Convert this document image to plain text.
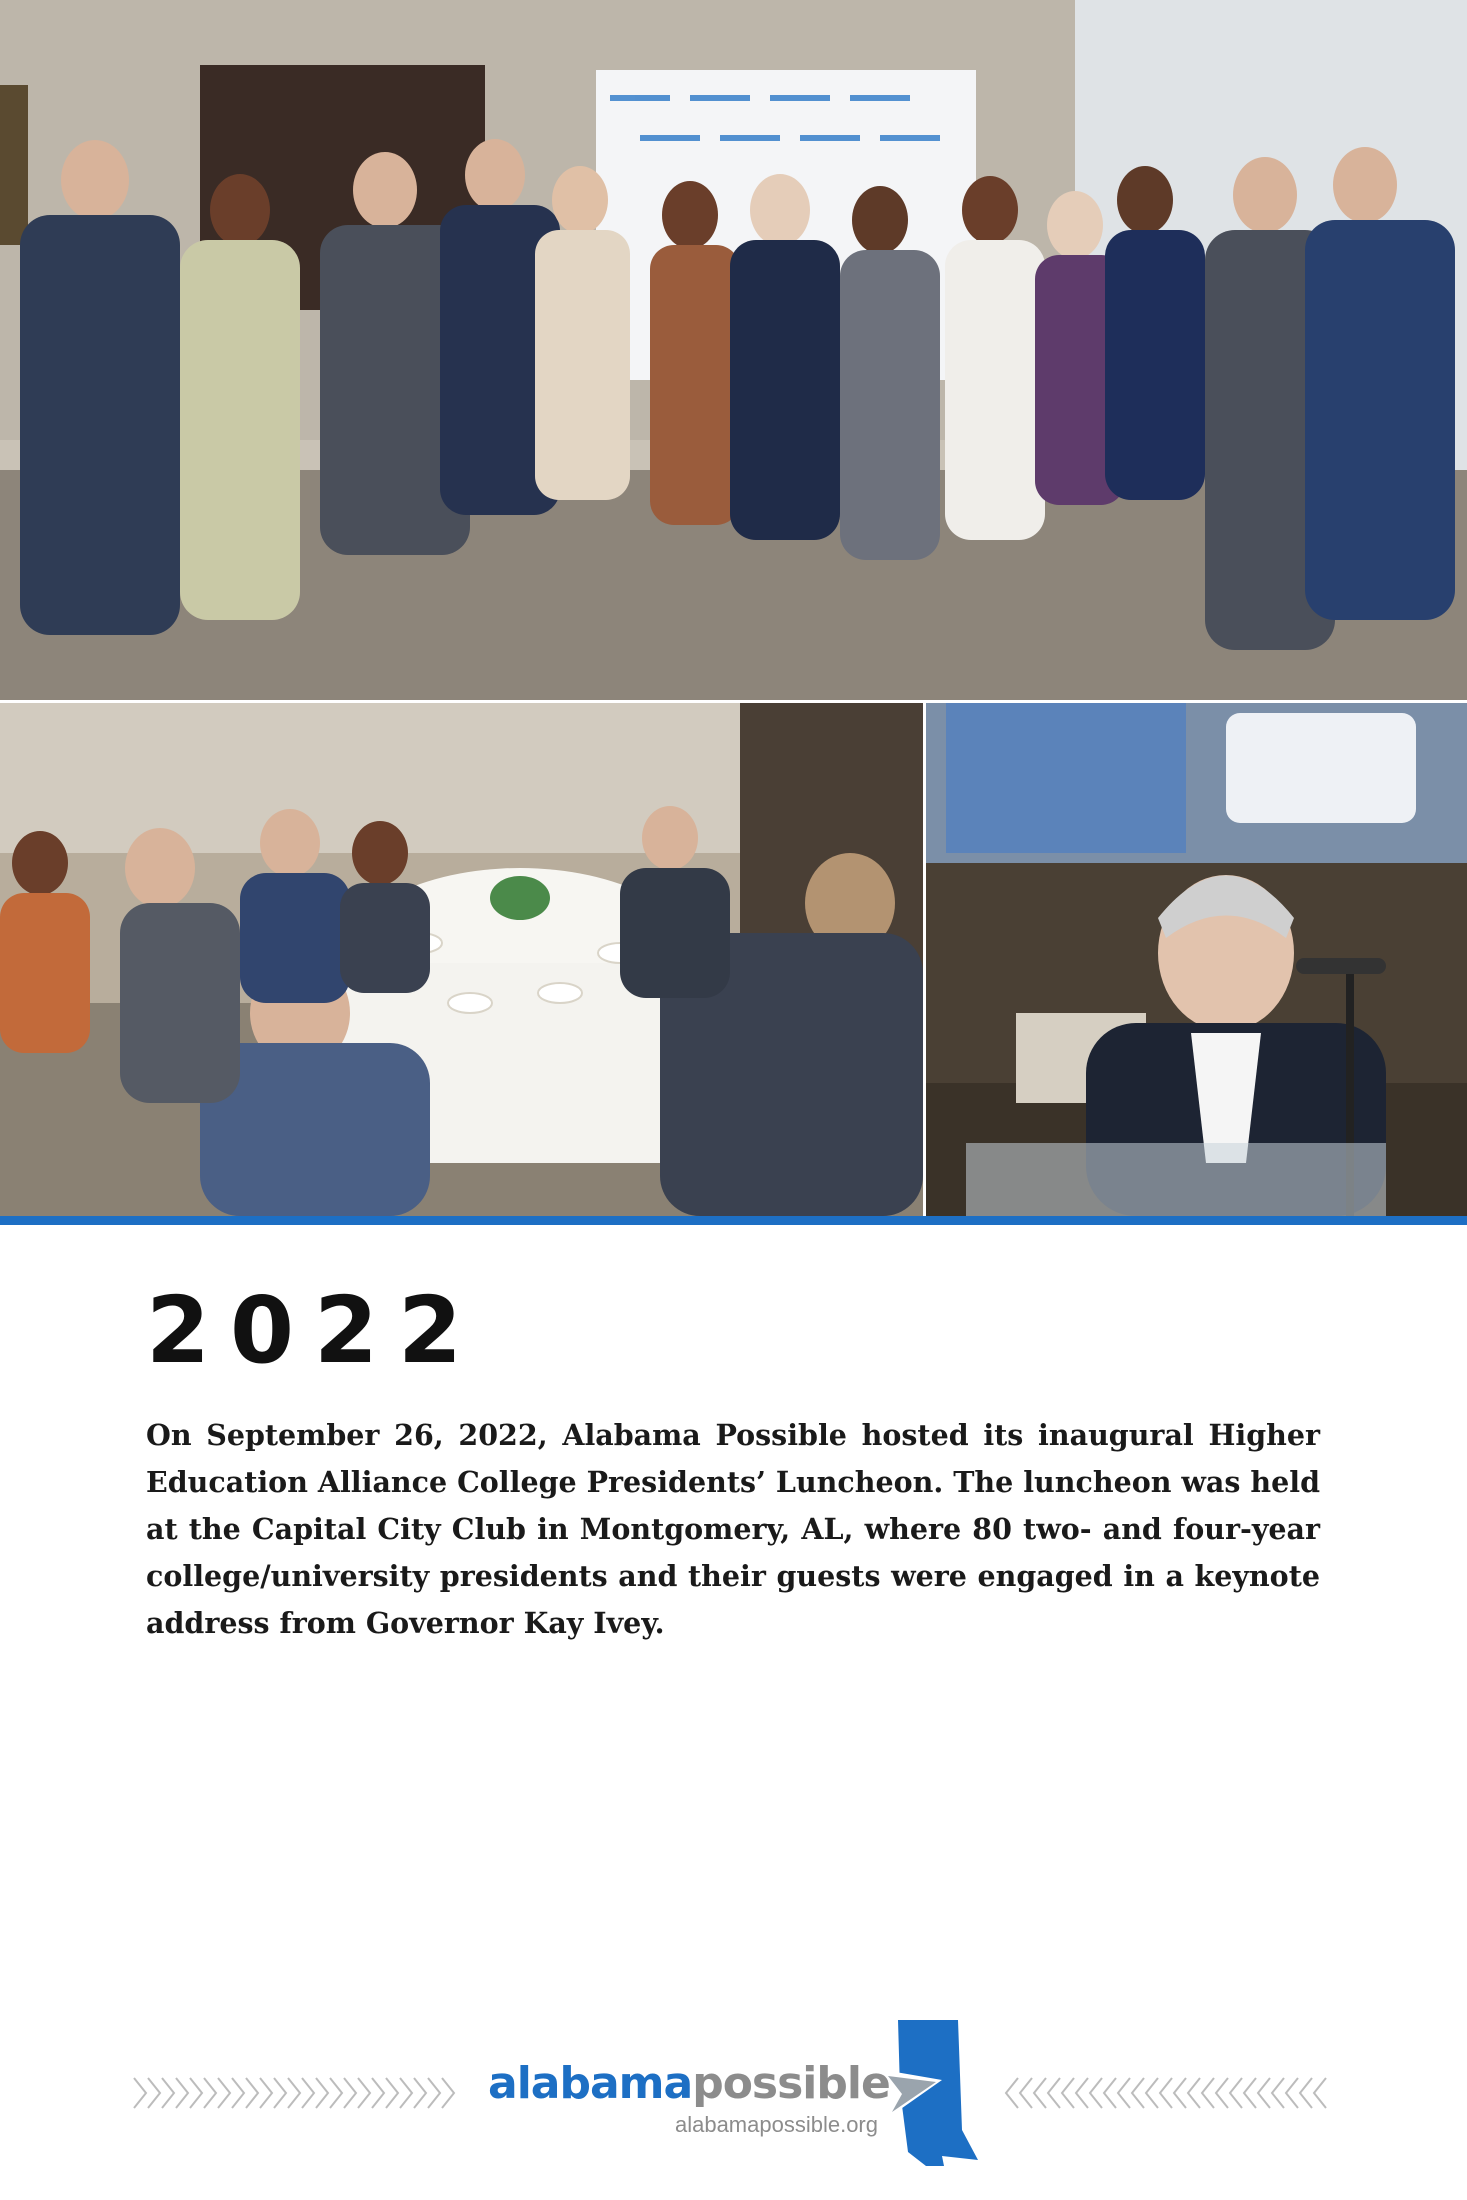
2022

On September 26, 2022, Alabama Possible hosted its inaugural Higher Education Alliance College Presidents’ Luncheon. The luncheon was held at the Capital City Club in Montgomery, AL, where 80 two- and four-year college/university presidents and their guests were engaged in a keynote address from Governor Kay Ivey.

alabamapossible
alabamapossible.org
